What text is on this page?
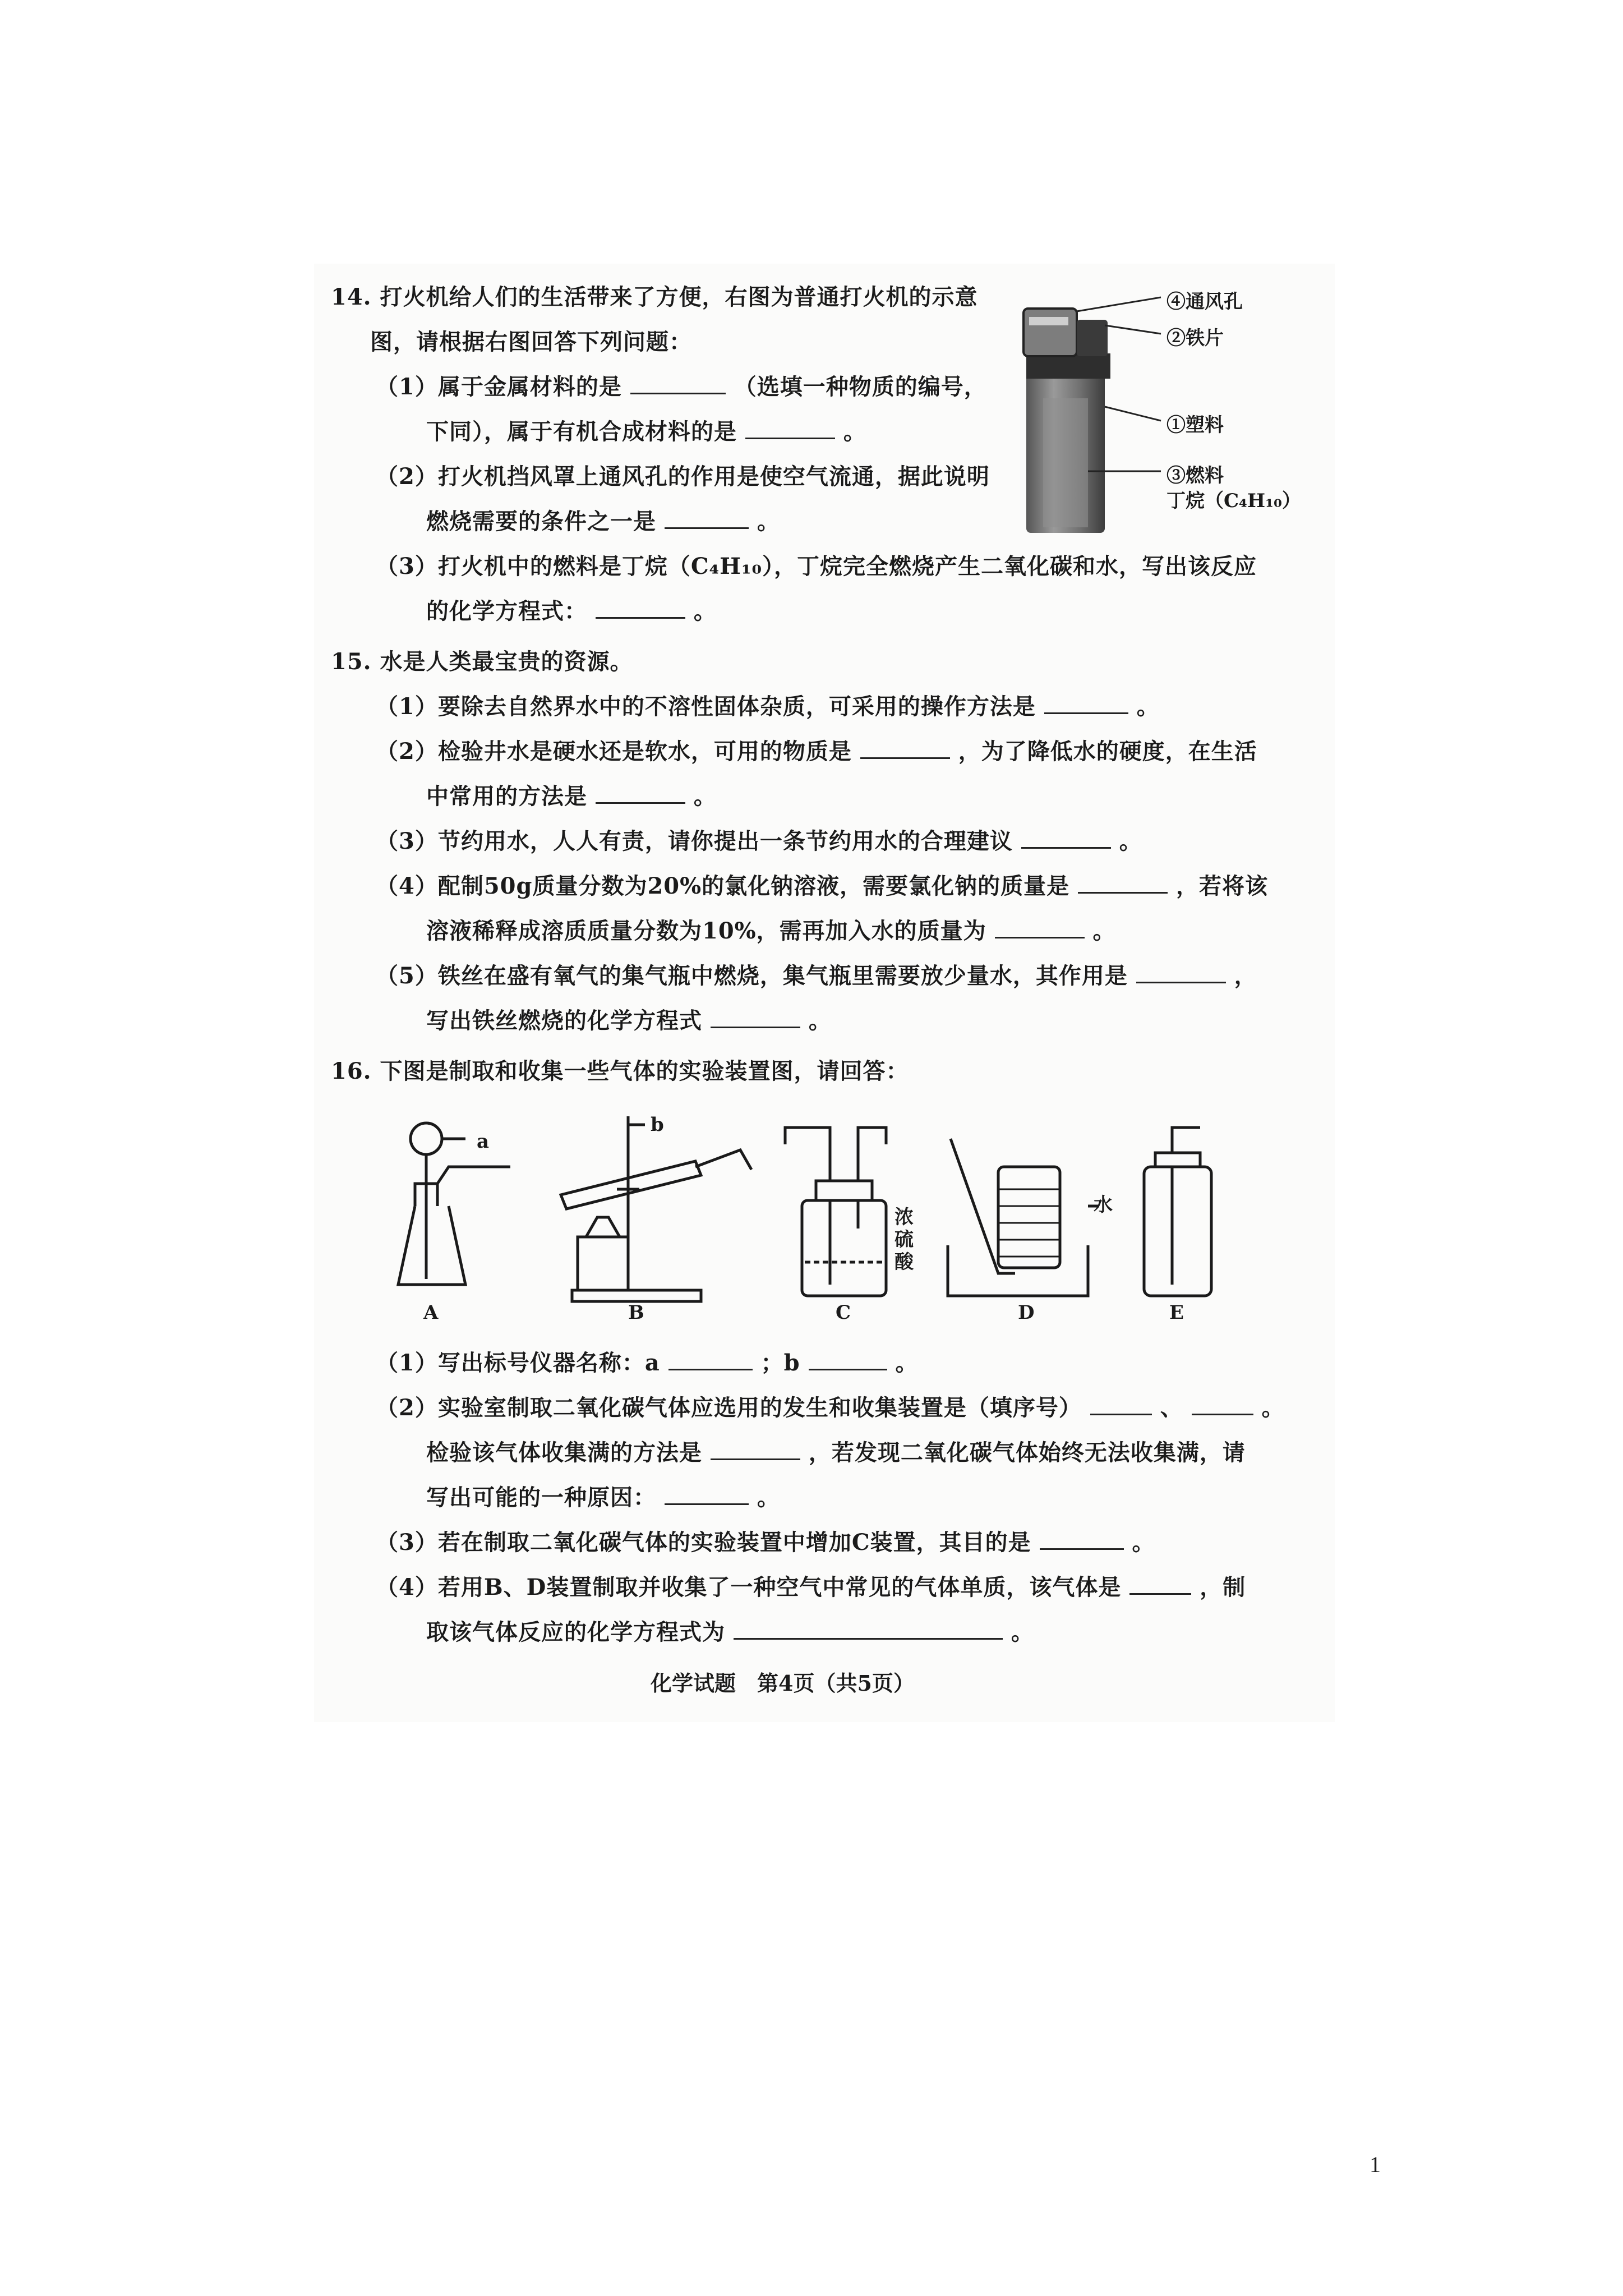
14. 打火机给人们的生活带来了方便，右图为普通打火机的示意
图，请根据右图回答下列问题：
（1）属于金属材料的是	（选填一种物质的编号，
下同），属于有机合成材料的是	。
（2）打火机挡风罩上通风孔的作用是使空气流通，据此说明
燃烧需要的条件之一是	。
（3）打火机中的燃料是丁烷（C₄H₁₀），丁烷完全燃烧产生二氧化碳和水，写出该反应
的化学方程式：	。
④通风孔
②铁片
①塑料
③燃料
丁烷（C₄H₁₀）
15. 水是人类最宝贵的资源。
（1）要除去自然界水中的不溶性固体杂质，可采用的操作方法是	。
（2）检验井水是硬水还是软水，可用的物质是	，为了降低水的硬度，在生活
中常用的方法是	。
（3）节约用水，人人有责，请你提出一条节约用水的合理建议	。
（4）配制50g质量分数为20%的氯化钠溶液，需要氯化钠的质量是	，若将该
溶液稀释成溶质质量分数为10%，需再加入水的质量为	。
（5）铁丝在盛有氧气的集气瓶中燃烧，集气瓶里需要放少量水，其作用是	，
写出铁丝燃烧的化学方程式	。
16. 下图是制取和收集一些气体的实验装置图，请回答：
a
b
浓硫酸
水
A	B	C	D	E
（1）写出标号仪器名称：a	；b	。
（2）实验室制取二氧化碳气体应选用的发生和收集装置是（填序号）	、	。
检验该气体收集满的方法是	，若发现二氧化碳气体始终无法收集满，请
写出可能的一种原因：	。
（3）若在制取二氧化碳气体的实验装置中增加C装置，其目的是	。
（4）若用B、D装置制取并收集了一种空气中常见的气体单质，该气体是	，制
取该气体反应的化学方程式为	。
化学试题　第4页（共5页）
1
